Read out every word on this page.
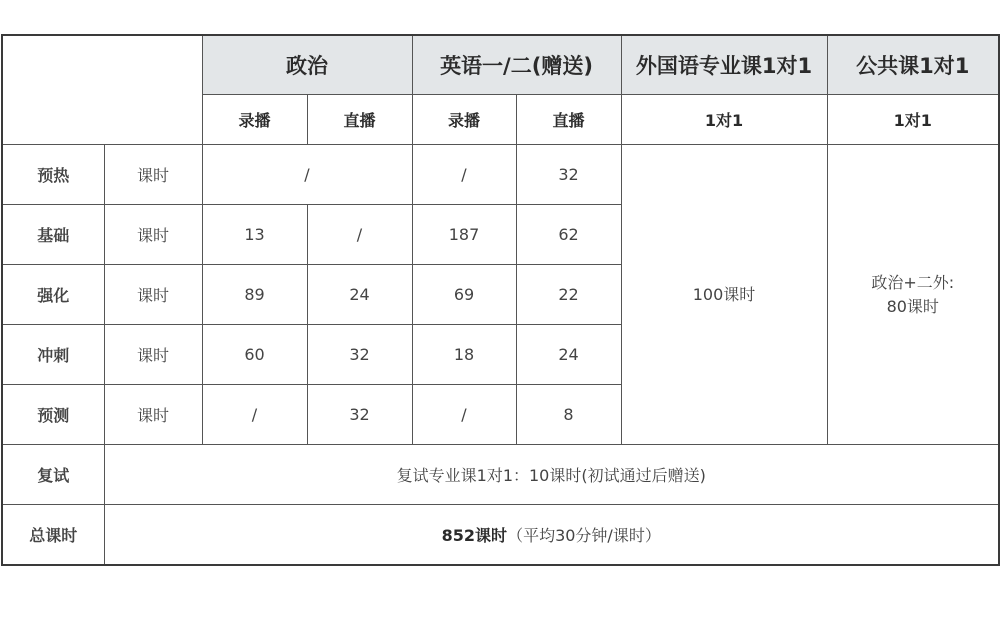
		政治		英语一/二(赠送)		外国语专业课1对1	公共课1对1
		录播	直播	录播	直播	1对1	1对1
预热	课时	/		/	32	100课时	政治+二外:
80课时

基础	课时	13	/	187	62		
强化	课时	89	24	69	22		
冲刺	课时	60	32	18	24		
预测	课时	/	32	/	8		
复试	复试专业课1对1：10课时(初试通过后赠送)						
总课时	852课时（平均30分钟/课时）						
